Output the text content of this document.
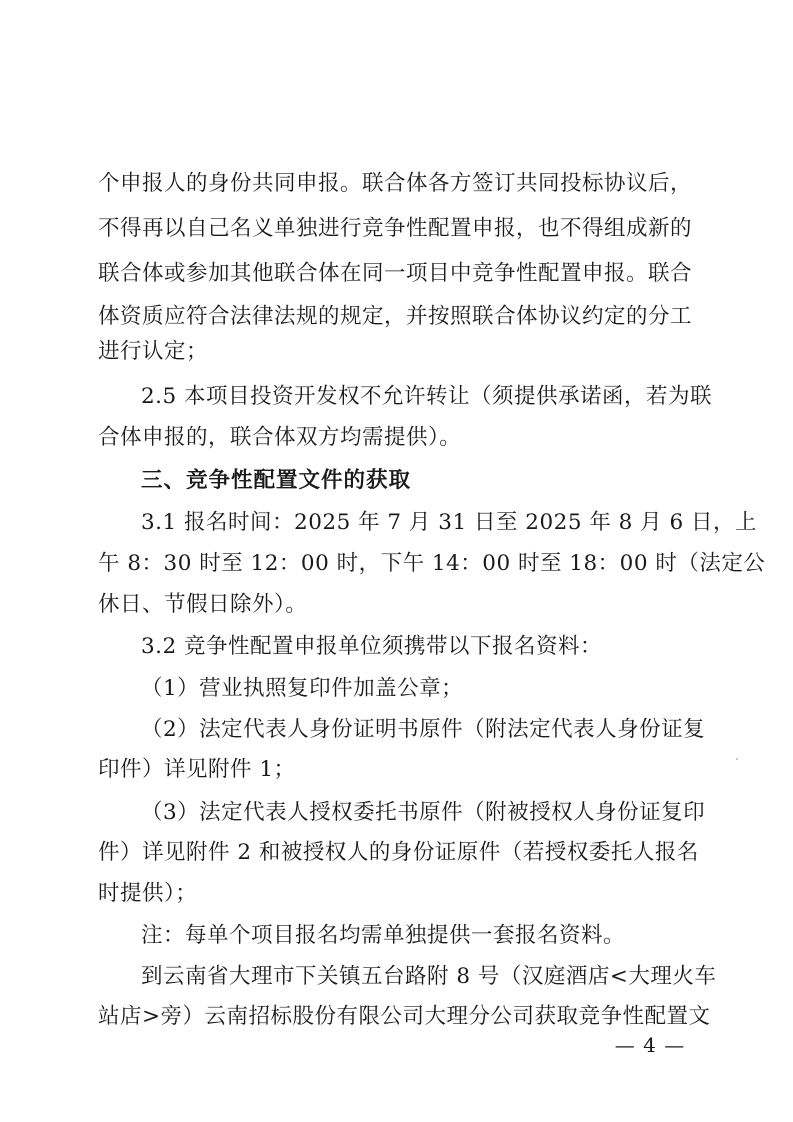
个申报人的身份共同申报。联合体各方签订共同投标协议后，
不得再以自己名义单独进行竞争性配置申报，也不得组成新的
联合体或参加其他联合体在同一项目中竞争性配置申报。联合
体资质应符合法律法规的规定，并按照联合体协议约定的分工
进行认定；
2.5 本项目投资开发权不允许转让（须提供承诺函，若为联
合体申报的，联合体双方均需提供）。
三、竞争性配置文件的获取
3.1 报名时间：2025 年 7 月 31 日至 2025 年 8 月 6 日，上
午 8：30 时至 12：00 时，下午 14：00 时至 18：00 时（法定公
休日、节假日除外）。
3.2 竞争性配置申报单位须携带以下报名资料：
（1）营业执照复印件加盖公章；
（2）法定代表人身份证明书原件（附法定代表人身份证复
印件）详见附件 1；
（3）法定代表人授权委托书原件（附被授权人身份证复印
件）详见附件 2 和被授权人的身份证原件（若授权委托人报名
时提供）；
注：每单个项目报名均需单独提供一套报名资料。
到云南省大理市下关镇五台路附 8 号（汉庭酒店<大理火车
站店>旁）云南招标股份有限公司大理分公司获取竞争性配置文
— 4 —
